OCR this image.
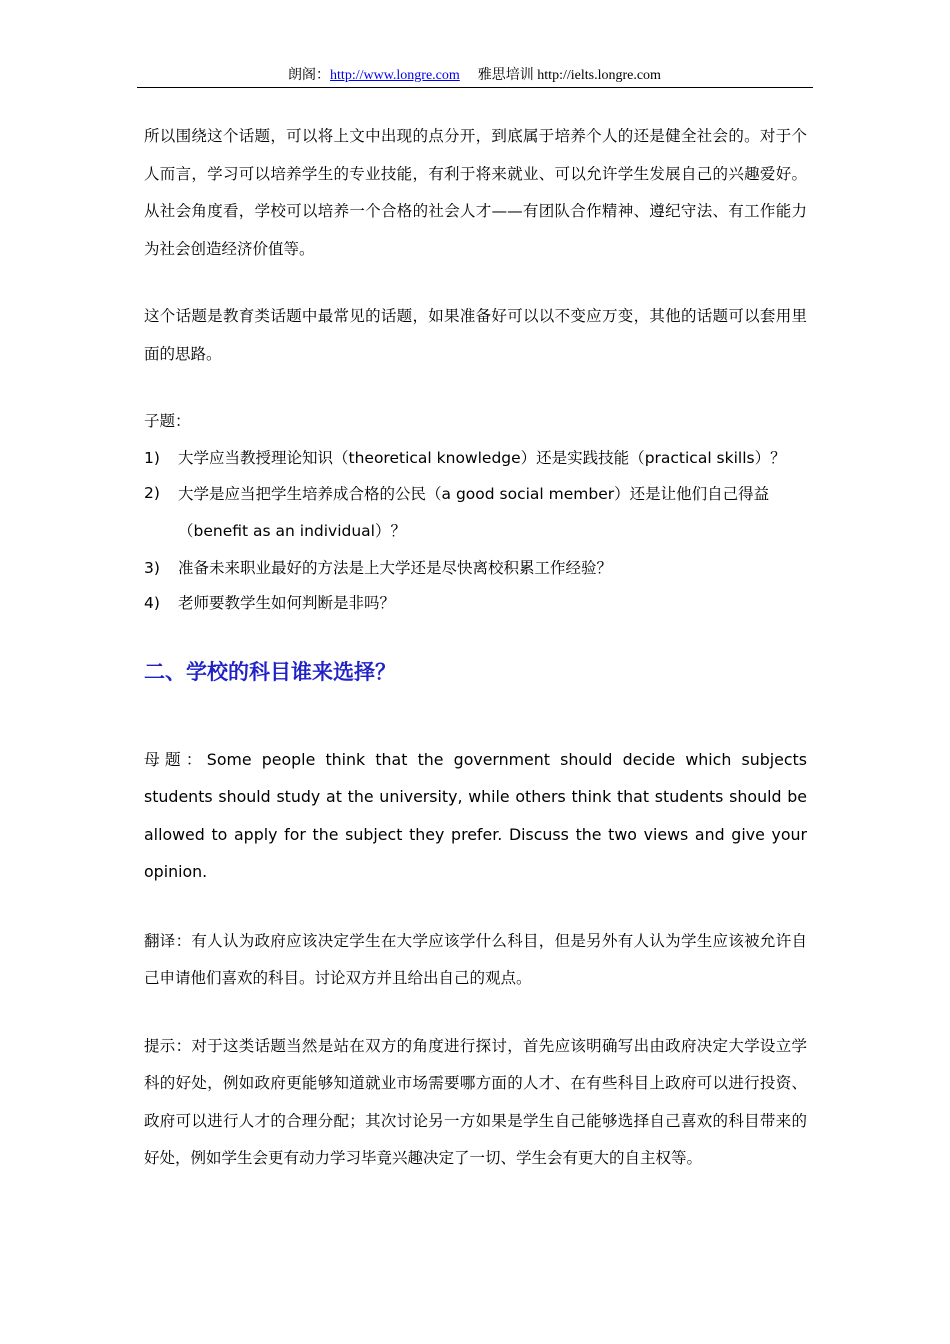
朗阁：http://www.longre.com 雅思培训 http://ielts.longre.com

所以围绕这个话题，可以将上文中出现的点分开，到底属于培养个人的还是健全社会的。对于个人而言，学习可以培养学生的专业技能，有利于将来就业、可以允许学生发展自己的兴趣爱好。从社会角度看，学校可以培养一个合格的社会人才——有团队合作精神、遵纪守法、有工作能力为社会创造经济价值等。

这个话题是教育类话题中最常见的话题，如果准备好可以以不变应万变，其他的话题可以套用里面的思路。

子题：

1) 大学应当教授理论知识（theoretical knowledge）还是实践技能（practical skills）？
2) 大学是应当把学生培养成合格的公民（a good social member）还是让他们自己得益（benefit as an individual）？
3) 准备未来职业最好的方法是上大学还是尽快离校积累工作经验？
4) 老师要教学生如何判断是非吗？
二、学校的科目谁来选择？

母题：Some people think that the government should decide which subjects students should study at the university, while others think that students should be allowed to apply for the subject they prefer. Discuss the two views and give your opinion.

翻译：有人认为政府应该决定学生在大学应该学什么科目，但是另外有人认为学生应该被允许自己申请他们喜欢的科目。讨论双方并且给出自己的观点。

提示：对于这类话题当然是站在双方的角度进行探讨，首先应该明确写出由政府决定大学设立学科的好处，例如政府更能够知道就业市场需要哪方面的人才、在有些科目上政府可以进行投资、政府可以进行人才的合理分配；其次讨论另一方如果是学生自己能够选择自己喜欢的科目带来的好处，例如学生会更有动力学习毕竟兴趣决定了一切、学生会有更大的自主权等。
